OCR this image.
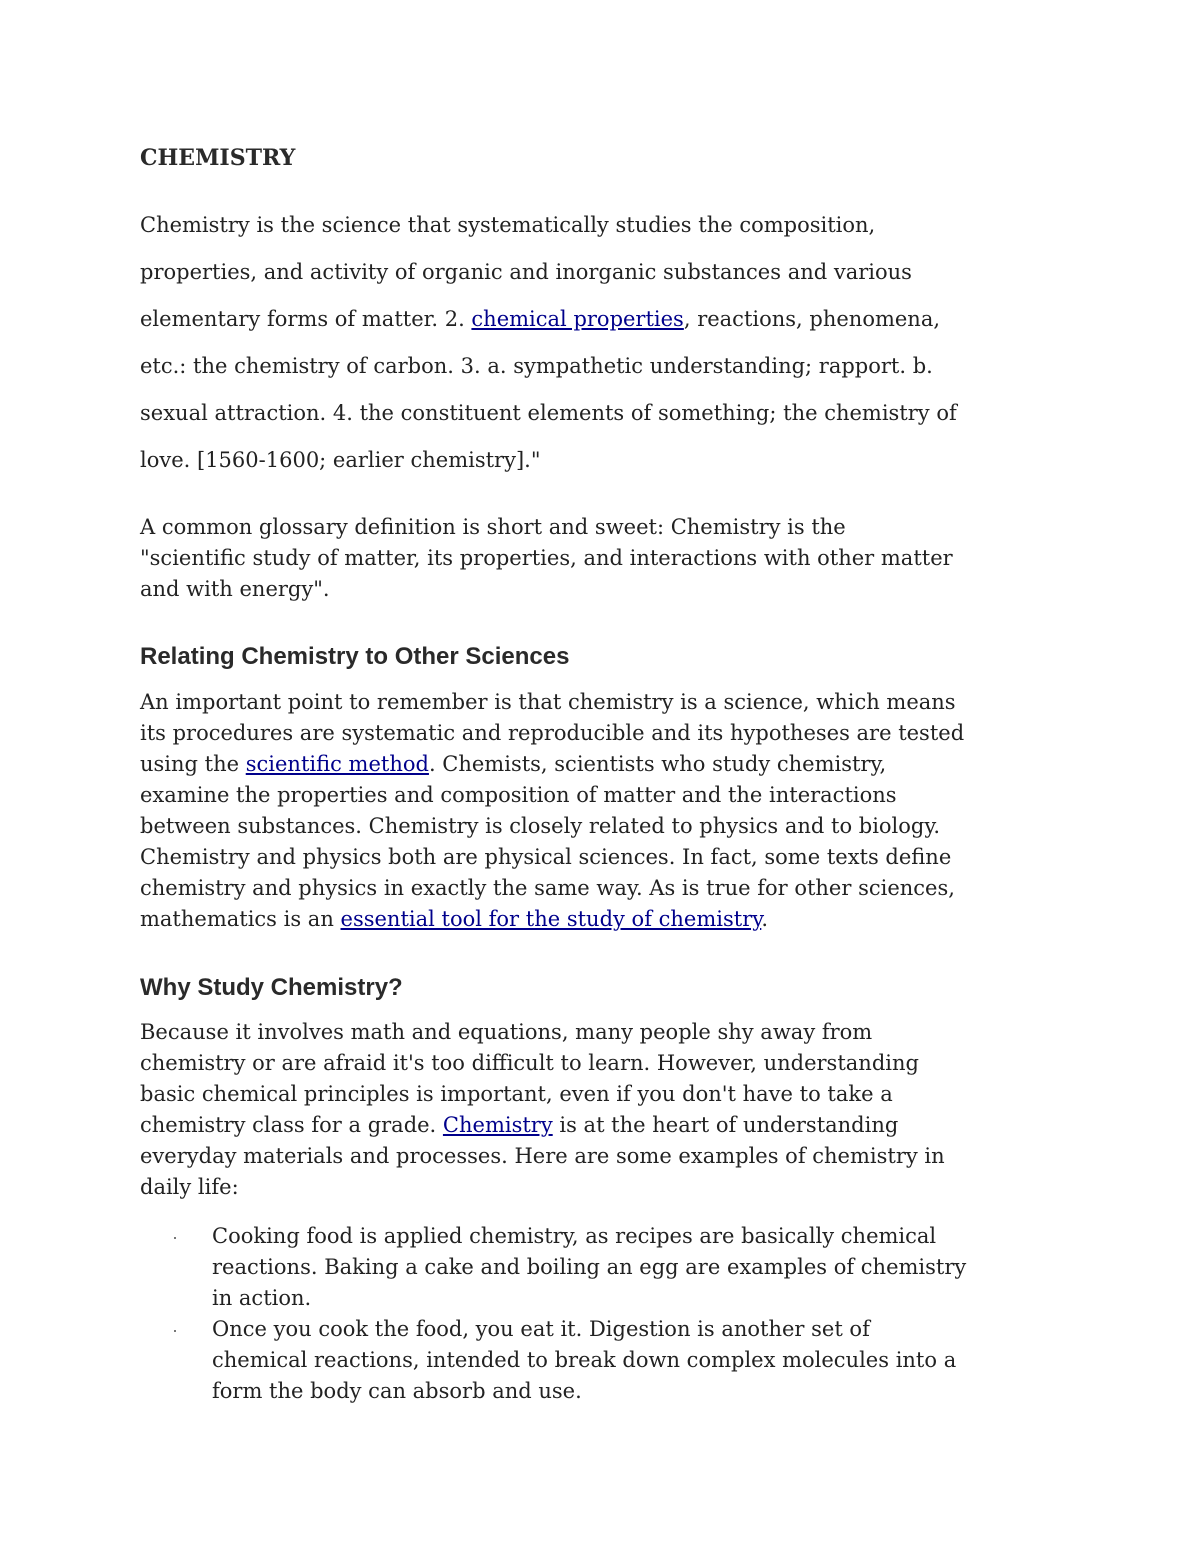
CHEMISTRY
Chemistry is the science that systematically studies the composition,
properties, and activity of organic and inorganic substances and various
elementary forms of matter. 2. chemical properties, reactions, phenomena,
etc.: the chemistry of carbon. 3. a. sympathetic understanding; rapport. b.
sexual attraction. 4. the constituent elements of something; the chemistry of
love. [1560-1600; earlier chemistry]."
A common glossary definition is short and sweet: Chemistry is the
"scientific study of matter, its properties, and interactions with other matter
and with energy".
Relating Chemistry to Other Sciences
An important point to remember is that chemistry is a science, which means
its procedures are systematic and reproducible and its hypotheses are tested
using the scientific method. Chemists, scientists who study chemistry,
examine the properties and composition of matter and the interactions
between substances. Chemistry is closely related to physics and to biology.
Chemistry and physics both are physical sciences. In fact, some texts define
chemistry and physics in exactly the same way. As is true for other sciences,
mathematics is an essential tool for the study of chemistry.
Why Study Chemistry?
Because it involves math and equations, many people shy away from
chemistry or are afraid it's too difficult to learn. However, understanding
basic chemical principles is important, even if you don't have to take a
chemistry class for a grade. Chemistry is at the heart of understanding
everyday materials and processes. Here are some examples of chemistry in
daily life:
Cooking food is applied chemistry, as recipes are basically chemical
reactions. Baking a cake and boiling an egg are examples of chemistry
in action.
Once you cook the food, you eat it. Digestion is another set of
chemical reactions, intended to break down complex molecules into a
form the body can absorb and use.
